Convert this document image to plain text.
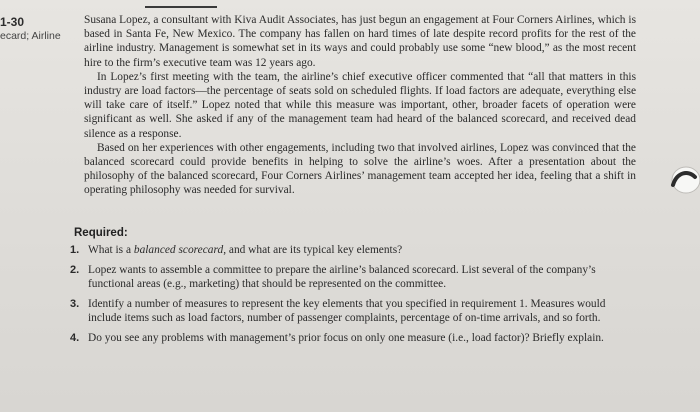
1-30
ecard; Airline

Susana Lopez, a consultant with Kiva Audit Associates, has just begun an engagement at Four Corners Airlines, which is based in Santa Fe, New Mexico. The company has fallen on hard times of late despite record profits for the rest of the airline industry. Management is somewhat set in its ways and could probably use some “new blood,” as the most recent hire to the firm’s executive team was 12 years ago.

In Lopez’s first meeting with the team, the airline’s chief executive officer commented that “all that matters in this industry are load factors—the percentage of seats sold on scheduled flights. If load factors are adequate, everything else will take care of itself.” Lopez noted that while this measure was important, other, broader facets of operation were significant as well. She asked if any of the management team had heard of the balanced scorecard, and received dead silence as a response.

Based on her experiences with other engagements, including two that involved airlines, Lopez was convinced that the balanced scorecard could provide benefits in helping to solve the airline’s woes. After a presentation about the philosophy of the balanced scorecard, Four Corners Airlines’ management team accepted her idea, feeling that a shift in operating philosophy was needed for survival.

Required:
1. What is a balanced scorecard, and what are its typical key elements?
2. Lopez wants to assemble a committee to prepare the airline’s balanced scorecard. List several of the company’s functional areas (e.g., marketing) that should be represented on the committee.
3. Identify a number of measures to represent the key elements that you specified in requirement 1. Measures would include items such as load factors, number of passenger complaints, percentage of on-time arrivals, and so forth.
4. Do you see any problems with management’s prior focus on only one measure (i.e., load factor)? Briefly explain.
